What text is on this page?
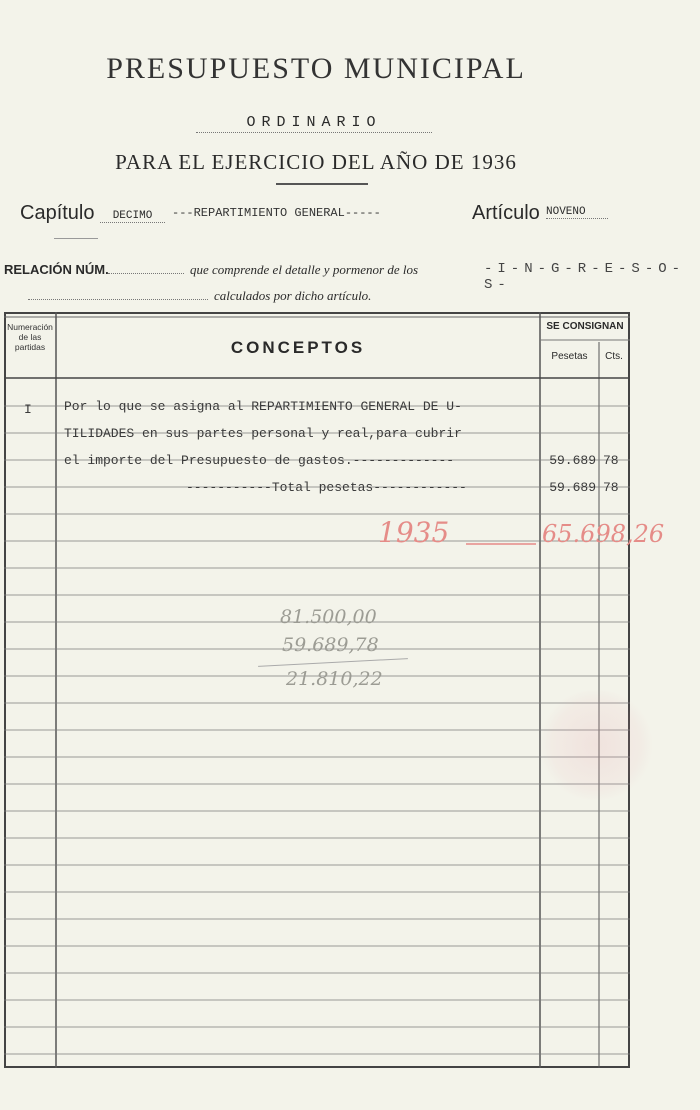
PRESUPUESTO MUNICIPAL
ORDINARIO
PARA EL EJERCICIO DEL AÑO DE 1936
Capítulo	DECIMO	---REPARTIMIENTO GENERAL-----	Artículo NOVENO
RELACIÓN NÚM.	que comprende el detalle y pormenor de los	-I-N-G-R-E-S-O-S-
calculados por dicho artículo.
Numeración de las partidas	CONCEPTOS
SE CONSIGNAN
Pesetas	Cts.
I Por lo que se asigna al REPARTIMIENTO GENERAL DE U-
TILIDADES en sus partes personal y real,para cubrir
el importe del Presupuesto de gastos.-------------	59.689 78
-----------Total pesetas------------	59.689 78
1935	65.698,26
81.500,00
59.689,78
21.810,22
